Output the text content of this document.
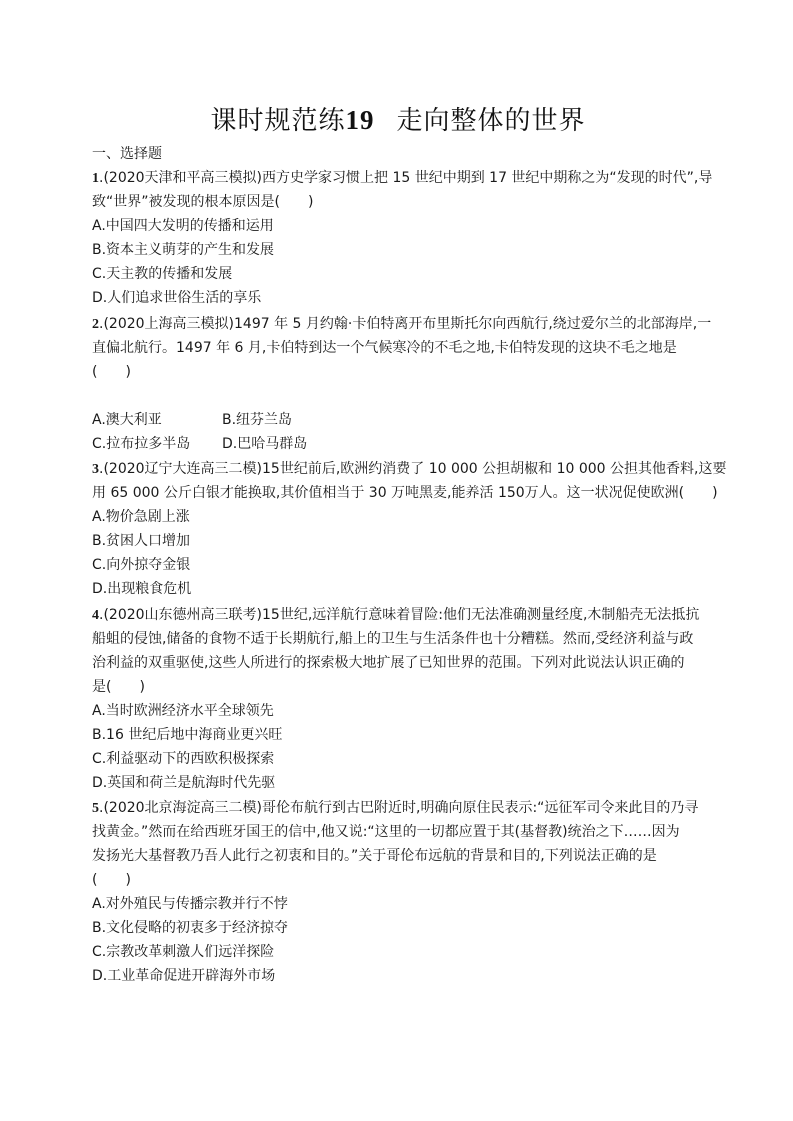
课时规范练19 走向整体的世界
一、选择题
1.(2020天津和平高三模拟)西方史学家习惯上把 15 世纪中期到 17 世纪中期称之为“发现的时代”,导
致“世界”被发现的根本原因是(　　)
A.中国四大发明的传播和运用
B.资本主义萌芽的产生和发展
C.天主教的传播和发展
D.人们追求世俗生活的享乐
2.(2020上海高三模拟)1497 年 5 月约翰·卡伯特离开布里斯托尔向西航行,绕过爱尔兰的北部海岸,一
直偏北航行。1497 年 6 月,卡伯特到达一个气候寒冷的不毛之地,卡伯特发现的这块不毛之地是
(　　)
A.澳大利亚	B.纽芬兰岛
C.拉布拉多半岛 D.巴哈马群岛
3.(2020辽宁大连高三二模)15世纪前后,欧洲约消费了 10 000 公担胡椒和 10 000 公担其他香料,这要
用 65 000 公斤白银才能换取,其价值相当于 30 万吨黑麦,能养活 150万人。这一状况促使欧洲(　　)
A.物价急剧上涨
B.贫困人口增加
C.向外掠夺金银
D.出现粮食危机
4.(2020山东德州高三联考)15世纪,远洋航行意味着冒险:他们无法准确测量经度,木制船壳无法抵抗
船蛆的侵蚀,储备的食物不适于长期航行,船上的卫生与生活条件也十分糟糕。然而,受经济利益与政
治利益的双重驱使,这些人所进行的探索极大地扩展了已知世界的范围。下列对此说法认识正确的
是(　　)
A.当时欧洲经济水平全球领先
B.16 世纪后地中海商业更兴旺
C.利益驱动下的西欧积极探索
D.英国和荷兰是航海时代先驱
5.(2020北京海淀高三二模)哥伦布航行到古巴附近时,明确向原住民表示:“远征军司令来此目的乃寻
找黄金。”然而在给西班牙国王的信中,他又说:“这里的一切都应置于其(基督教)统治之下……因为
发扬光大基督教乃吾人此行之初衷和目的。”关于哥伦布远航的背景和目的,下列说法正确的是
(　　)
A.对外殖民与传播宗教并行不悖
B.文化侵略的初衷多于经济掠夺
C.宗教改革刺激人们远洋探险
D.工业革命促进开辟海外市场
